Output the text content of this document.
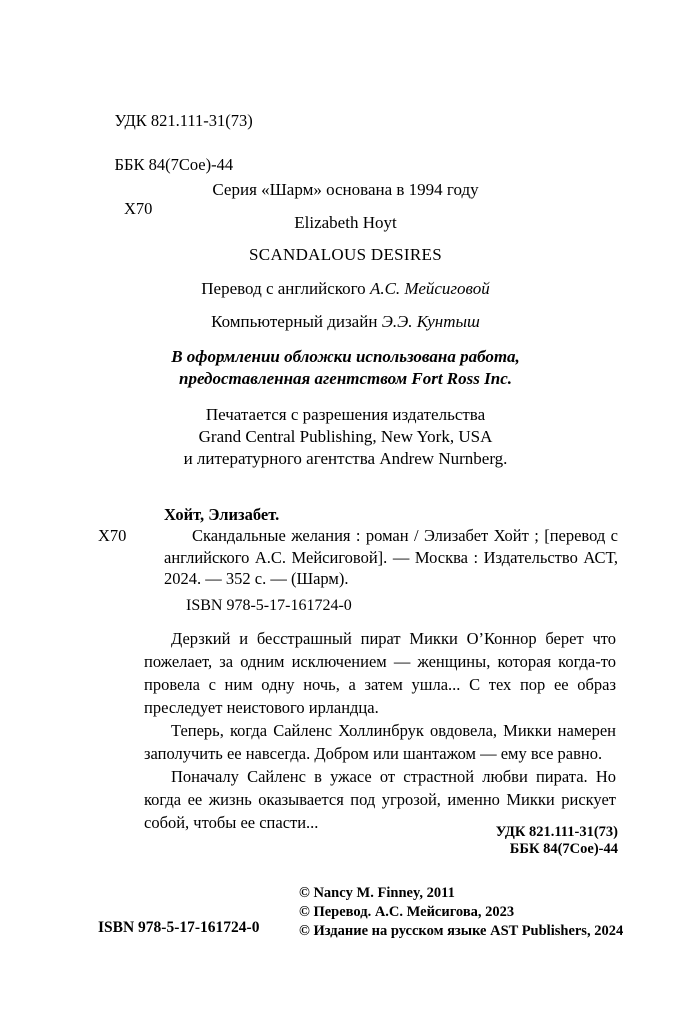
УДК 821.111-31(73)

ББК 84(7Сое)-44

Х70

Серия «Шарм» основана в 1994 году
Elizabeth Hoyt
SCANDALOUS DESIRES
Перевод с английского А.С. Мейсиговой
Компьютерный дизайн Э.Э. Кунтыш
В оформлении обложки использована работа,
предоставленная агентством Fort Ross Inc.
Печатается с разрешения издательства
Grand Central Publishing, New York, USA
и литературного агентства Andrew Nurnberg.
Хойт, Элизабет.
Х70	Скандальные желания : роман / Элизабет Хойт ; [перевод с английского А.С. Мейсиговой]. — Москва : Издательство АСТ, 2024. — 352 с. — (Шарм).
ISBN 978-5-17-161724-0

Дерзкий и бесстрашный пират Микки О’Коннор берет что пожелает, за одним исключением — женщины, которая когда-то провела с ним одну ночь, а затем ушла... С тех пор ее образ преследует неистового ирландца.

Теперь, когда Сайленс Холлинбрук овдовела, Микки намерен заполучить ее навсегда. Добром или шантажом — ему все равно.

Поначалу Сайленс в ужасе от страстной любви пирата. Но когда ее жизнь оказывается под угрозой, именно Микки рискует собой, чтобы ее спасти...	УДК 821.111-31(73)
ББК 84(7Сое)-44
© Nancy M. Finney, 2011
© Перевод. А.С. Мейсигова, 2023
© Издание на русском языке AST Publishers, 2024
ISBN 978-5-17-161724-0
